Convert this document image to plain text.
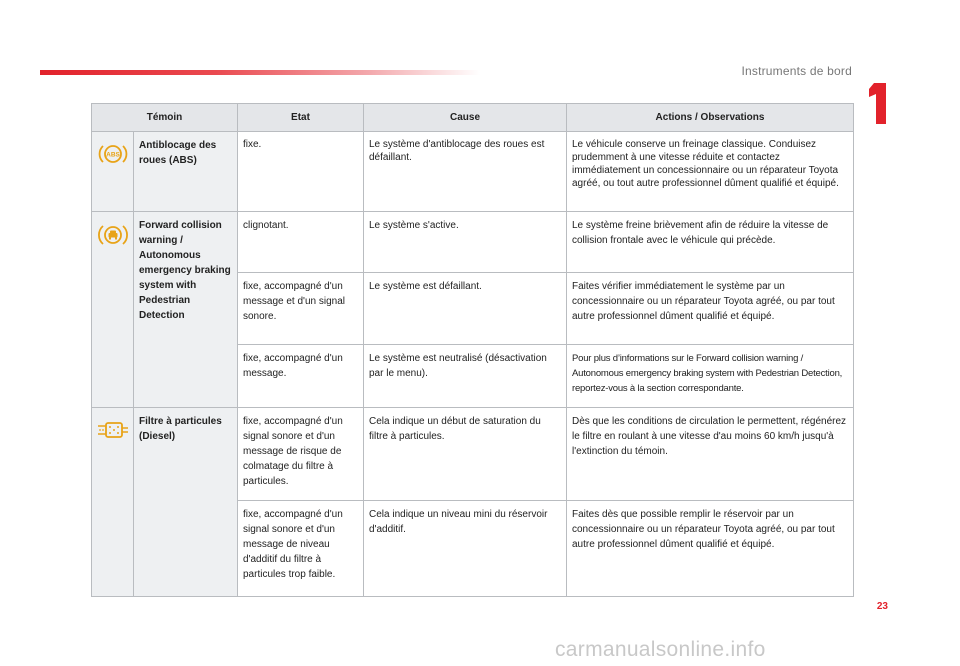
Instruments de bord
Témoin		Etat	Cause	Actions / Observations

ABS	Antiblocage des roues (ABS)	fixe.	Le système d'antiblocage des roues est défaillant.	Le véhicule conserve un freinage classique. Conduisez prudemment à une vitesse réduite et contactez immédiatement un concessionnaire ou un réparateur Toyota agréé, ou tout autre professionnel dûment qualifié et équipé.
	Forward collision warning / Autonomous emergency braking system with Pedestrian Detection	clignotant.	Le système s'active.	Le système freine brièvement afin de réduire la vitesse de collision frontale avec le véhicule qui précède.

		fixe, accompagné d'un message et d'un signal sonore.	Le système est défaillant.	Faites vérifier immédiatement le système par un concessionnaire ou un réparateur Toyota agréé, ou par tout autre professionnel dûment qualifié et équipé.

		fixe, accompagné d'un message.	Le système est neutralisé (désactivation par le menu).	Pour plus d’informations sur le Forward collision warning / Autonomous emergency braking system with Pedestrian Detection, reportez-vous à la section correspondante.

	Filtre à particules (Diesel)	fixe, accompagné d'un signal sonore et d'un message de risque de colmatage du filtre à particules.	Cela indique un début de saturation du filtre à particules.	Dès que les conditions de circulation le permettent, régénérez le filtre en roulant à une vitesse d'au moins 60 km/h jusqu'à l'extinction du témoin.

		fixe, accompagné d'un signal sonore et d'un message de niveau d'additif du filtre à particules trop faible.	Cela indique un niveau mini du réservoir d'additif.	Faites dès que possible remplir le réservoir par un concessionnaire ou un réparateur Toyota agréé, ou par tout autre professionnel dûment qualifié et équipé.
23
carmanualsonline.info
